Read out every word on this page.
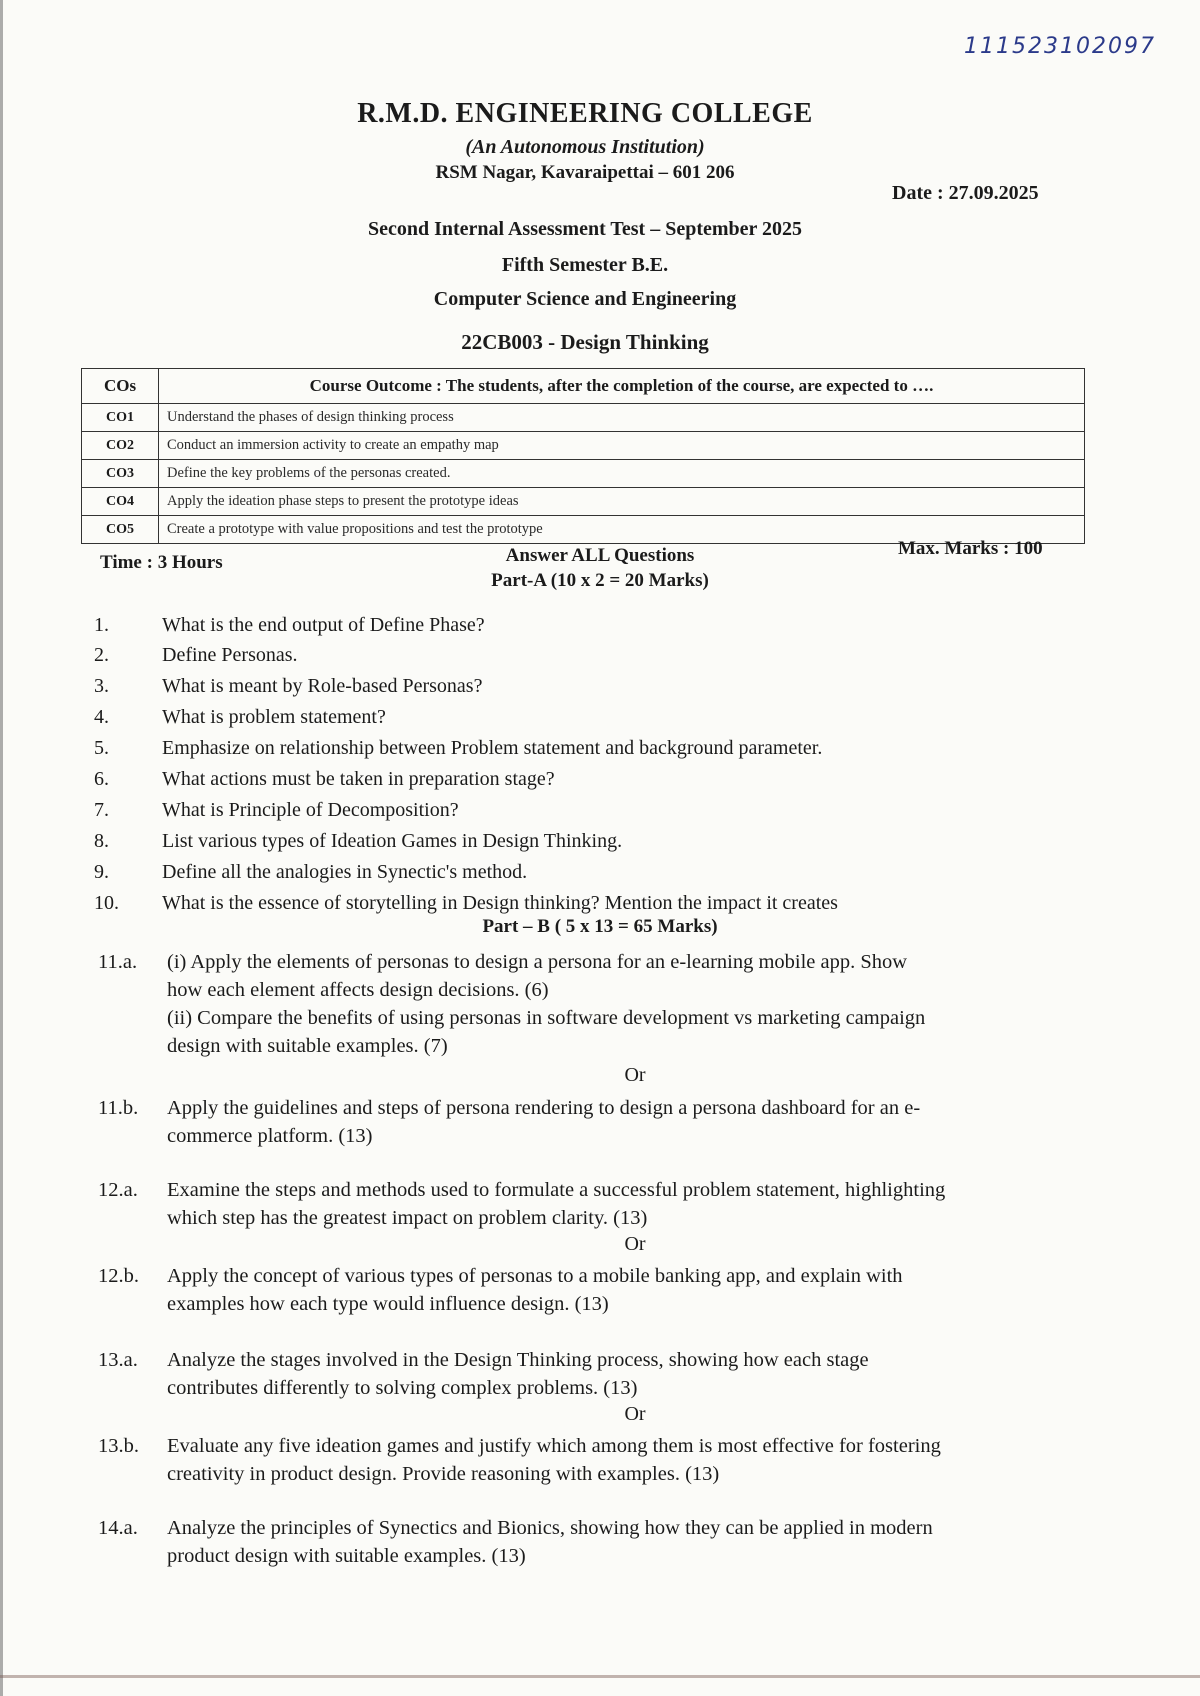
111523102097
R.M.D. ENGINEERING COLLEGE
(An Autonomous Institution)
RSM Nagar, Kavaraipettai – 601 206
Date : 27.09.2025
Second Internal Assessment Test – September 2025
Fifth Semester B.E.
Computer Science and Engineering
22CB003 - Design Thinking
COs	Course Outcome : The students, after the completion of the course, are expected to ….
CO1	Understand the phases of design thinking process
CO2	Conduct an immersion activity to create an empathy map
CO3	Define the key problems of the personas created.
CO4	Apply the ideation phase steps to present the prototype ideas
CO5	Create a prototype with value propositions and test the prototype
Time : 3 Hours	Answer ALL Questions	Max. Marks : 100
Part-A (10 x 2 = 20 Marks)
1.	What is the end output of Define Phase?
2.	Define Personas.
3.	What is meant by Role-based Personas?
4.	What is problem statement?
5.	Emphasize on relationship between Problem statement and background parameter.
6.	What actions must be taken in preparation stage?
7.	What is Principle of Decomposition?
8.	List various types of Ideation Games in Design Thinking.
9.	Define all the analogies in Synectic's method.
10. What is the essence of storytelling in Design thinking? Mention the impact it creates
Part – B ( 5 x 13 = 65 Marks)
11.a.	(i) Apply the elements of personas to design a persona for an e-learning mobile app. Show
how each element affects design decisions. (6)
(ii) Compare the benefits of using personas in software development vs marketing campaign
design with suitable examples. (7)
Or
11.b.	Apply the guidelines and steps of persona rendering to design a persona dashboard for an e-
commerce platform. (13)
12.a.	Examine the steps and methods used to formulate a successful problem statement, highlighting
which step has the greatest impact on problem clarity. (13)
Or
12.b.	Apply the concept of various types of personas to a mobile banking app, and explain with
examples how each type would influence design. (13)
13.a.	Analyze the stages involved in the Design Thinking process, showing how each stage
contributes differently to solving complex problems. (13)
Or
13.b.	Evaluate any five ideation games and justify which among them is most effective for fostering
creativity in product design. Provide reasoning with examples. (13)
14.a.	Analyze the principles of Synectics and Bionics, showing how they can be applied in modern
product design with suitable examples. (13)
